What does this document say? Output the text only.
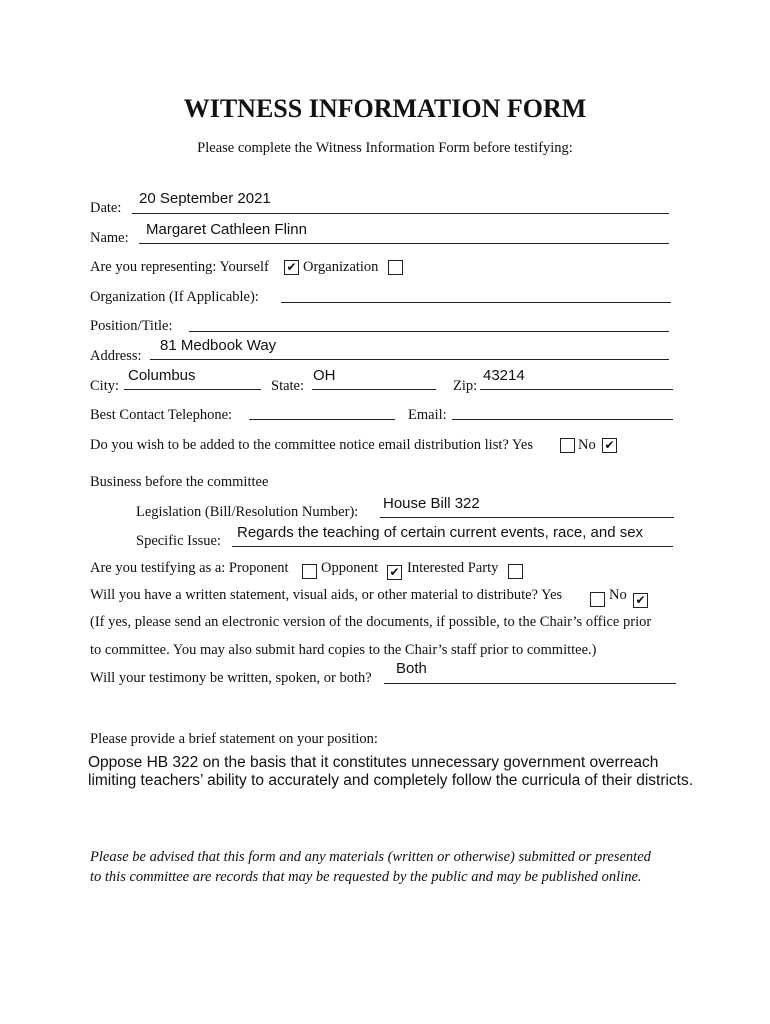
WITNESS INFORMATION FORM
Please complete the Witness Information Form before testifying:
Date:
20 September 2021
Name: Margaret Cathleen Flinn
Are you representing: Yourself ✔ Organization
Organization (If Applicable):
Position/Title:
Address:
81 Medbook Way
City:
Columbus
State:
OH
Zip:
43214
Best Contact Telephone:	Email:
Do you wish to be added to the committee notice email distribution list? Yes	No ✔
Business before the committee
Legislation (Bill/Resolution Number): House Bill 322
Specific Issue: Regards the teaching of certain current events, race, and sex
Are you testifying as a: Proponent Opponent ✔ Interested Party
Will you have a written statement, visual aids, or other material to distribute? Yes	No ✔
(If yes, please send an electronic version of the documents, if possible, to the Chair’s office prior
to committee. You may also submit hard copies to the Chair’s staff prior to committee.)
Will your testimony be written, spoken, or both?
Both
Please provide a brief statement on your position:
Oppose HB 322 on the basis that it constitutes unnecessary government overreach
limiting teachers’ ability to accurately and completely follow the curricula of their districts.
Please be advised that this form and any materials (written or otherwise) submitted or presented
to this committee are records that may be requested by the public and may be published online.
